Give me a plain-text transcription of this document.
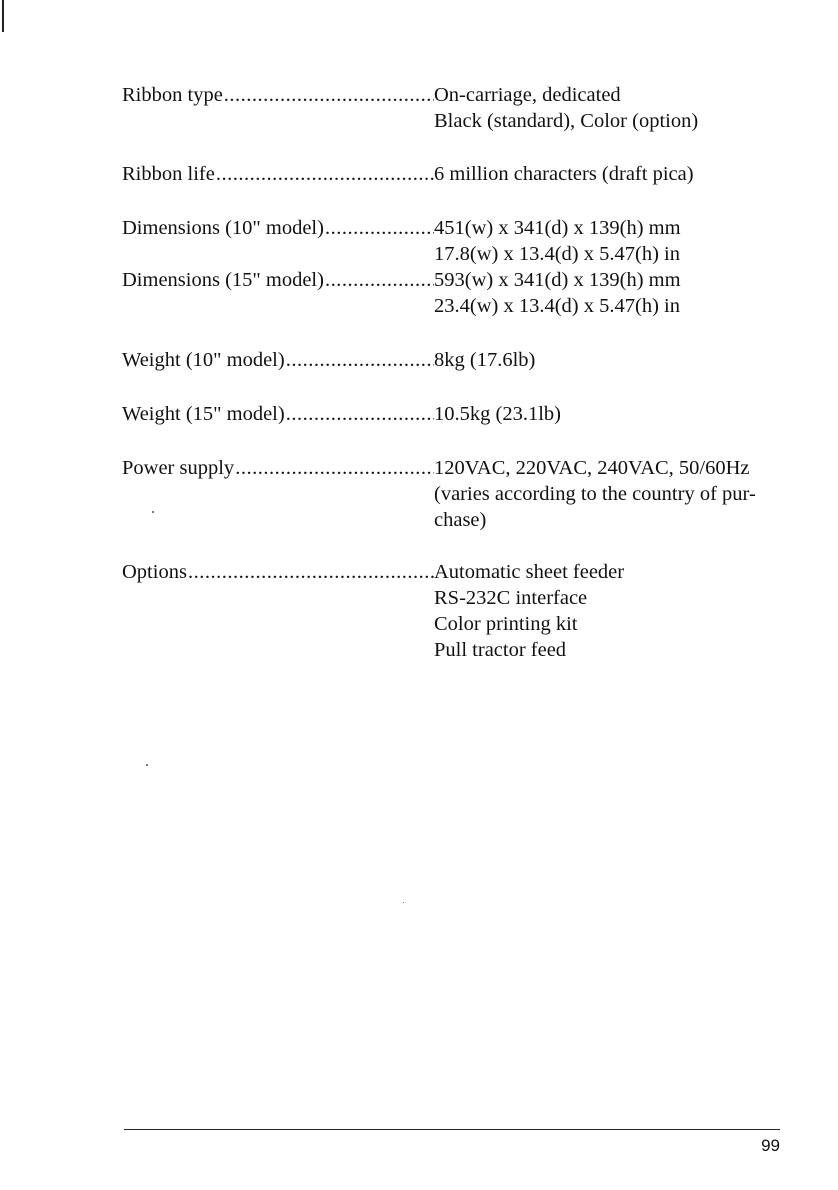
Ribbon type .....	On-carriage, dedicated
Black (standard), Color (option)
Ribbon life .....	6 million characters (draft pica)
Dimensions (10" model) .....	451(w) x 341(d) x 139(h) mm
17.8(w) x 13.4(d) x 5.47(h) in
Dimensions (15" model) .....	593(w) x 341(d) x 139(h) mm
23.4(w) x 13.4(d) x 5.47(h) in
Weight (10" model) .....	8kg (17.6lb)
Weight (15" model) .....	10.5kg (23.1lb)
Power supply .....	120VAC, 220VAC, 240VAC, 50/60Hz
(varies according to the country of pur-
chase)
Options .....	Automatic sheet feeder
RS-232C interface
Color printing kit
Pull tractor feed
99
